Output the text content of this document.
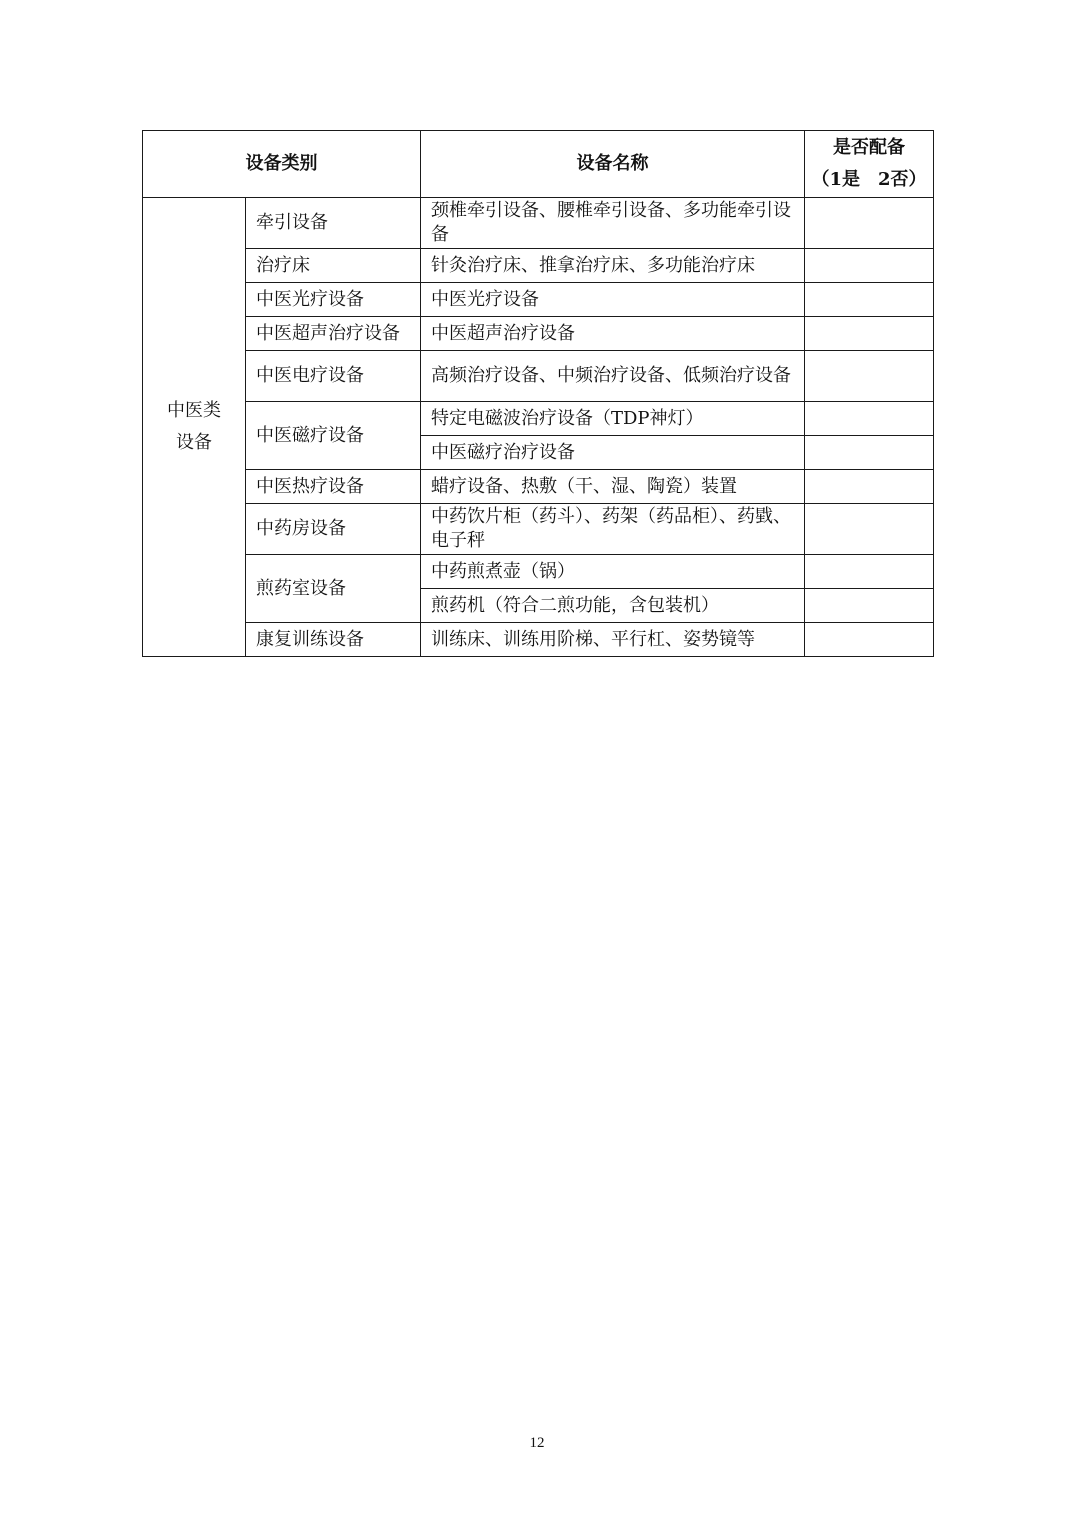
设备类别		设备名称	是否配备
（1是　2否）

中医类
设备	牵引设备	颈椎牵引设备、腰椎牵引设备、多功能牵引设备	
	治疗床	针灸治疗床、推拿治疗床、多功能治疗床	
	中医光疗设备	中医光疗设备	
	中医超声治疗设备	中医超声治疗设备	
	中医电疗设备	高频治疗设备、中频治疗设备、低频治疗设备	
	中医磁疗设备	特定电磁波治疗设备（TDP神灯）	
		中医磁疗治疗设备	
	中医热疗设备	蜡疗设备、热敷（干、湿、陶瓷）装置	
	中药房设备	中药饮片柜（药斗）、药架（药品柜）、药戥、电子秤	
	煎药室设备	中药煎煮壶（锅）	
		煎药机（符合二煎功能，含包装机）	
	康复训练设备	训练床、训练用阶梯、平行杠、姿势镜等	
12
